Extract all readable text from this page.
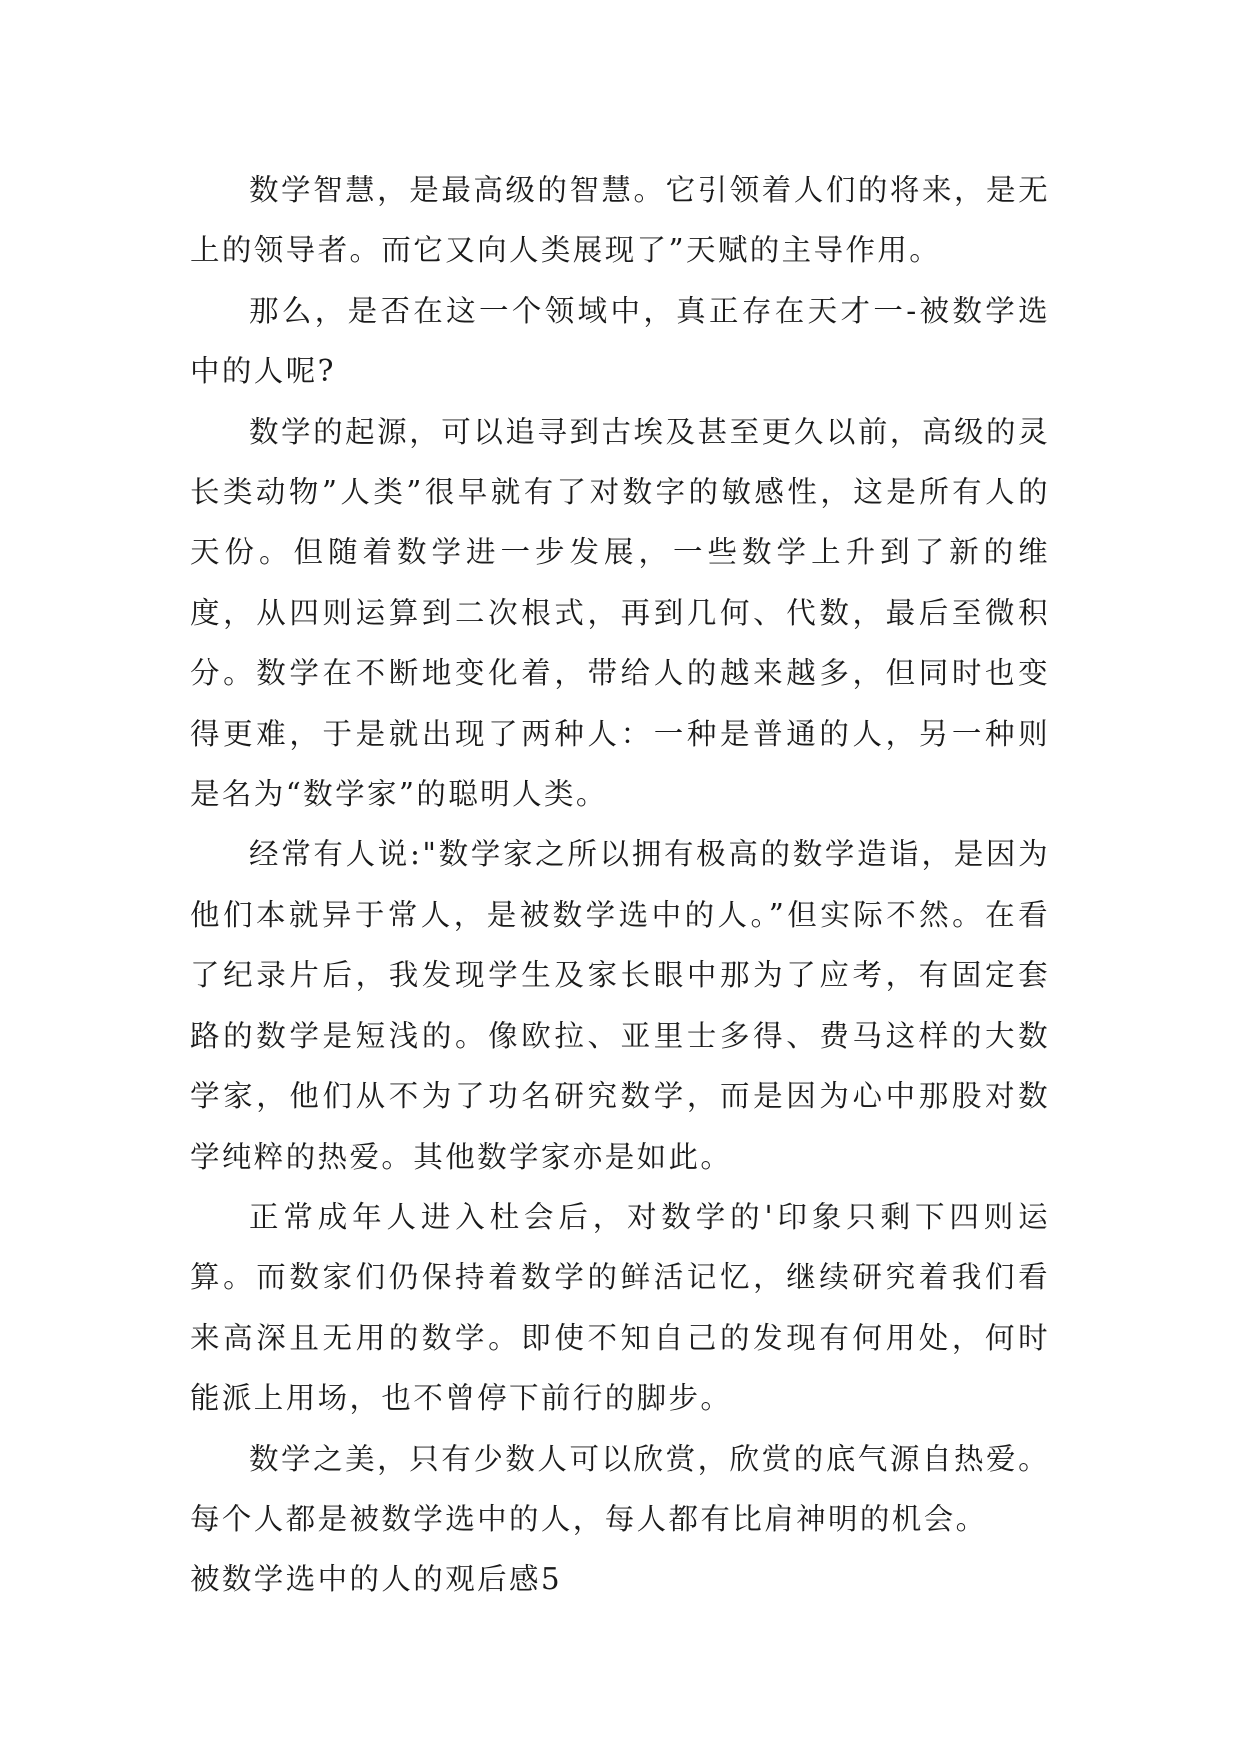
数学智慧，是最高级的智慧。它引领着人们的将来，是无上的领导者。而它又向人类展现了”天赋的主导作用。

那么，是否在这一个领域中，真正存在天才一-被数学选中的人呢?

数学的起源，可以追寻到古埃及甚至更久以前，高级的灵长类动物”人类”很早就有了对数字的敏感性，这是所有人的天份。但随着数学进一步发展，一些数学上升到了新的维度，从四则运算到二次根式，再到几何、代数，最后至微积分。数学在不断地变化着，带给人的越来越多，但同时也变得更难，于是就出现了两种人：一种是普通的人，另一种则是名为“数学家”的聪明人类。

经常有人说:"数学家之所以拥有极高的数学造诣，是因为他们本就异于常人，是被数学选中的人。”但实际不然。在看了纪录片后，我发现学生及家长眼中那为了应考，有固定套路的数学是短浅的。像欧拉、亚里士多得、费马这样的大数学家，他们从不为了功名研究数学，而是因为心中那股对数学纯粹的热爱。其他数学家亦是如此。

正常成年人进入杜会后，对数学的'印象只剩下四则运算。而数家们仍保持着数学的鲜活记忆，继续研究着我们看来高深且无用的数学。即使不知自己的发现有何用处，何时能派上用场，也不曾停下前行的脚步。

数学之美，只有少数人可以欣赏，欣赏的底气源自热爱。每个人都是被数学选中的人，每人都有比肩神明的机会。

被数学选中的人的观后感5
